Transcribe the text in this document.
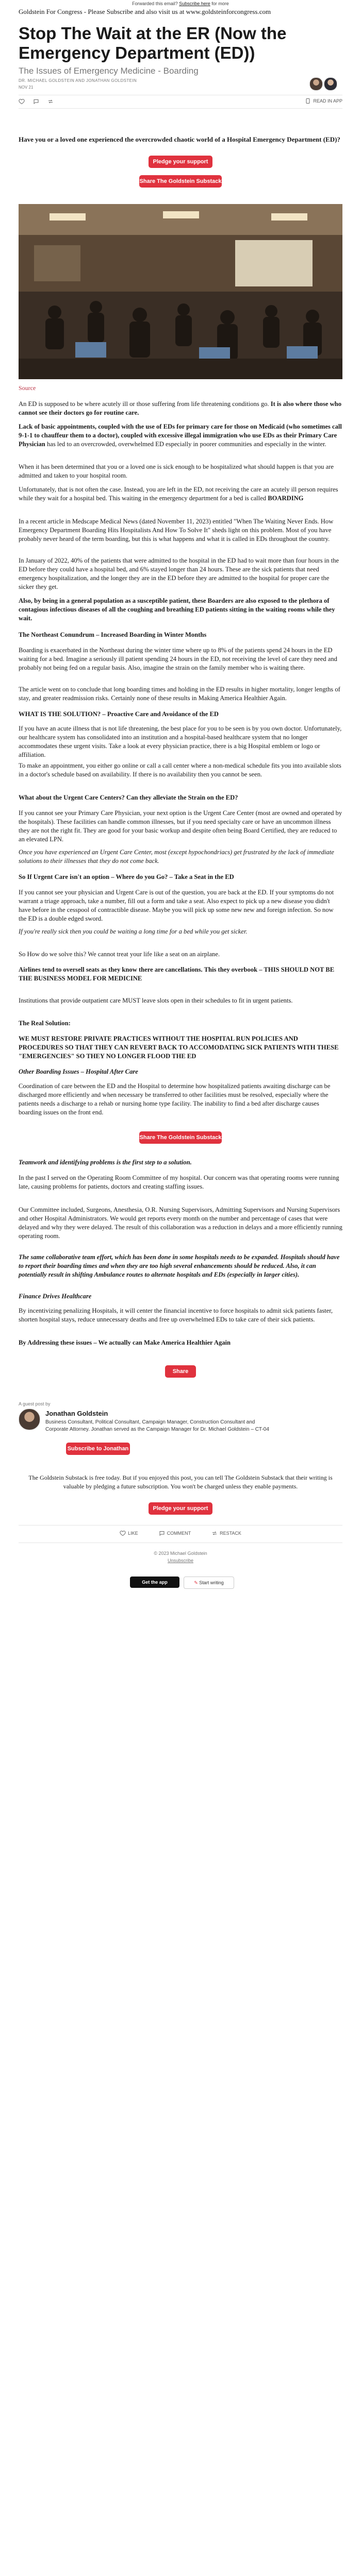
Forwarded this email? Subscribe here for more
Goldstein For Congress - Please Subscribe and also visit us at www.goldsteinforcongress.com
Stop The Wait at the ER (Now the Emergency Department (ED))
The Issues of Emergency Medicine - Boarding
DR. MICHAEL GOLDSTEIN AND JONATHAN GOLDSTEIN
NOV 21
READ IN APP
Have you or a loved one experienced the overcrowded chaotic world of a Hospital Emergency Department (ED)?
Pledge your support
Share The Goldstein Substack
Source

An ED is supposed to be where acutely ill or those suffering from life threatening conditions go. It is also where those who cannot see their doctors go for routine care.

Lack of basic appointments, coupled with the use of EDs for primary care for those on Medicaid (who sometimes call 9-1-1 to chauffeur them to a doctor), coupled with excessive illegal immigration who use EDs as their Primary Care Physician has led to an overcrowded, overwhelmed ED especially in poorer communities and especially in the winter.

When it has been determined that you or a loved one is sick enough to be hospitalized what should happen is that you are admitted and taken to your hospital room.

Unfortunately, that is not often the case. Instead, you are left in the ED, not receiving the care an acutely ill person requires while they wait for a hospital bed. This waiting in the emergency department for a bed is called BOARDING

In a recent article in Medscape Medical News (dated November 11, 2023) entitled "When The Waiting Never Ends. How Emergency Department Boarding Hits Hospitalists And How To Solve It" sheds light on this problem. Most of you have probably never heard of the term boarding, but this is what happens and what it is called in EDs throughout the country.

In January of 2022, 40% of the patients that were admitted to the hospital in the ED had to wait more than four hours in the ED before they could have a hospital bed, and 6% stayed longer than 24 hours. These are the sick patients that need emergency hospitalization, and the longer they are in the ED before they are admitted to the hospital for proper care the sicker they get.

Also, by being in a general population as a susceptible patient, these Boarders are also exposed to the plethora of contagious infectious diseases of all the coughing and breathing ED patients sitting in the waiting rooms while they wait.

The Northeast Conundrum – Increased Boarding in Winter Months

Boarding is exacerbated in the Northeast during the winter time where up to 8% of the patients spend 24 hours in the ED waiting for a bed. Imagine a seriously ill patient spending 24 hours in the ED, not receiving the level of care they need and probably not being fed on a regular basis. Also, imagine the strain on the family member who is waiting there.

The article went on to conclude that long boarding times and holding in the ED results in higher mortality, longer lengths of stay, and greater readmission risks. Certainly none of these results in Making America Healthier Again.

WHAT IS THE SOLUTION? – Proactive Care and Avoidance of the ED

If you have an acute illness that is not life threatening, the best place for you to be seen is by you own doctor. Unfortunately, our healthcare system has consolidated into an institution and a hospital-based healthcare system that no longer accommodates these urgent visits. Take a look at every physician practice, there is a big Hospital emblem or logo or affiliation.

To make an appointment, you either go online or call a call center where a non-medical schedule fits you into available slots in a doctor's schedule based on availability. If there is no availability then you cannot be seen.

What about the Urgent Care Centers? Can they alleviate the Strain on the ED?

If you cannot see your Primary Care Physician, your next option is the Urgent Care Center (most are owned and operated by the hospitals). These facilities can handle common illnesses, but if you need specialty care or have an uncommon illness they are not the right fit. They are good for your basic workup and despite often being Board Certified, they are reduced to an elevated LPN.

Once you have experienced an Urgent Care Center, most (except hypochondriacs) get frustrated by the lack of immediate solutions to their illnesses that they do not come back.

So If Urgent Care isn't an option – Where do you Go? – Take a Seat in the ED

If you cannot see your physician and Urgent Care is out of the question, you are back at the ED. If your symptoms do not warrant a triage approach, take a number, fill out a form and take a seat. Also expect to pick up a new disease you didn't have before in the cesspool of contractible disease. Maybe you will pick up some new new and foreign infection. So now the ED is a double edged sword.

If you're really sick then you could be waiting a long time for a bed while you get sicker.

So How do we solve this? We cannot treat your life like a seat on an airplane.

Airlines tend to oversell seats as they know there are cancellations. This they overbook – THIS SHOULD NOT BE THE BUSINESS MODEL FOR MEDICINE

Institutions that provide outpatient care MUST leave slots open in their schedules to fit in urgent patients.

The Real Solution:

WE MUST RESTORE PRIVATE PRACTICES WITHOUT THE HOSPITAL RUN POLICIES AND PROCEDURES SO THAT THEY CAN REVERT BACK TO ACCOMODATING SICK PATIENTS WITH THESE "EMERGENCIES" SO THEY NO LONGER FLOOD THE ED

Other Boarding Issues – Hospital After Care

Coordination of care between the ED and the Hospital to determine how hospitalized patients awaiting discharge can be discharged more efficiently and when necessary be transferred to other facilities must be resolved, especially where the patients needs a discharge to a rehab or nursing home type facility. The inability to find a bed after discharge causes boarding issues on the front end.

Share The Goldstein Substack

Teamwork and identifying problems is the first step to a solution.

In the past I served on the Operating Room Committee of my hospital. Our concern was that operating rooms were running late, causing problems for patients, doctors and creating staffing issues.

Our Committee included, Surgeons, Anesthesia, O.R. Nursing Supervisors, Admitting Supervisors and Nursing Supervisors and other Hospital Administrators. We would get reports every month on the number and percentage of cases that were delayed and why they were delayed. The result of this collaboration was a reduction in delays and a more efficiently running operating room.

The same collaborative team effort, which has been done in some hospitals needs to be expanded. Hospitals should have to report their boarding times and when they are too high several enhancements should be reduced. Also, it can potentially result in shifting Ambulance routes to alternate hospitals and EDs (especially in larger cities).

Finance Drives Healthcare

By incentivizing penalizing Hospitals, it will center the financial incentive to force hospitals to admit sick patients faster, shorten hospital stays, reduce unnecessary deaths and free up overwhelmed EDs to take care of their sick patients.

By Addressing these issues – We actually can Make America Healthier Again

Share
A guest post by
Jonathan Goldstein
Business Consultant, Political Consultant, Campaign Manager, Construction Consultant and Corporate Attorney. Jonathan served as the Campaign Manager for Dr. Michael Goldstein – CT-04
Subscribe to Jonathan

The Goldstein Substack is free today. But if you enjoyed this post, you can tell The Goldstein Substack that their writing is valuable by pledging a future subscription. You won't be charged unless they enable payments.

Pledge your support
LIKE	COMMENT	RESTACK
© 2023 Michael Goldstein
Unsubscribe
Get the app	✎ Start writing
